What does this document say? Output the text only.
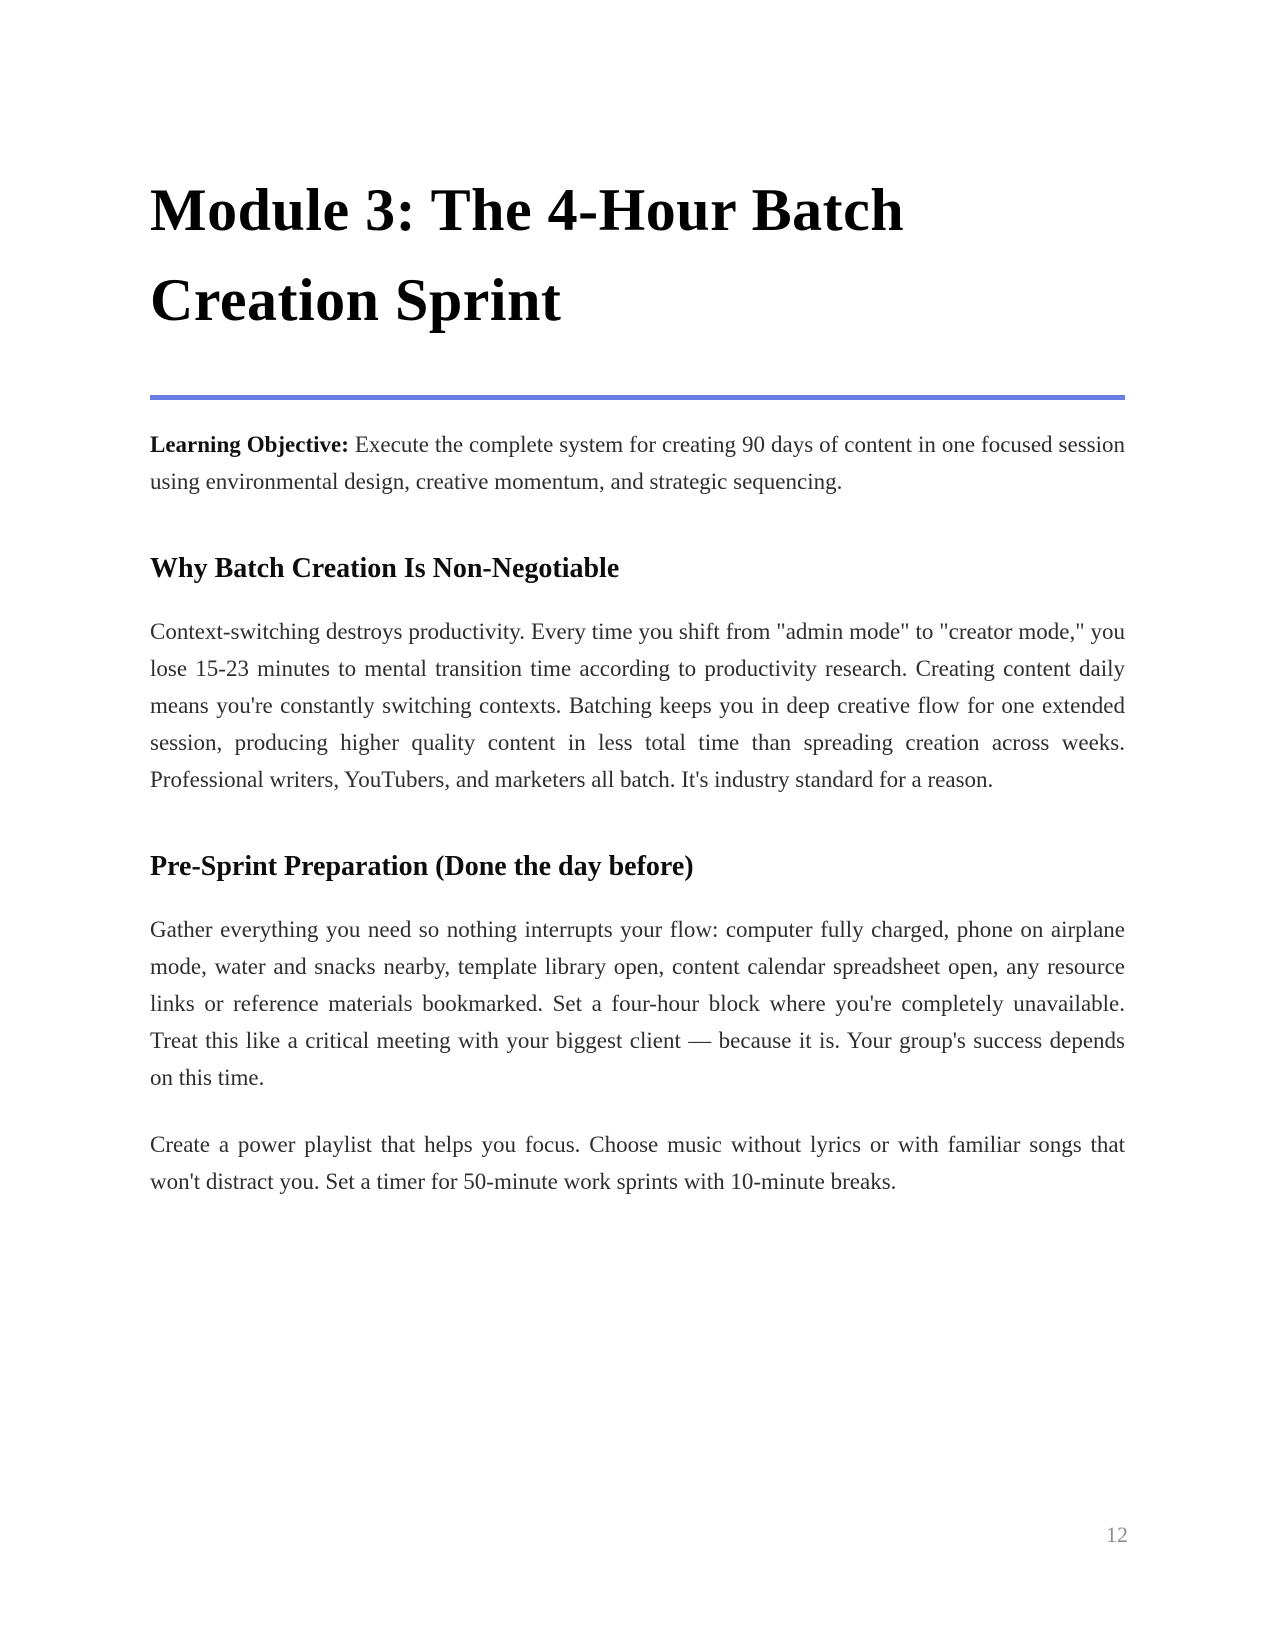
Module 3: The 4-Hour Batch Creation Sprint

Learning Objective: Execute the complete system for creating 90 days of content in one focused session using environmental design, creative momentum, and strategic sequencing.

Why Batch Creation Is Non-Negotiable

Context-switching destroys productivity. Every time you shift from "admin mode" to "creator mode," you lose 15-23 minutes to mental transition time according to productivity research. Creating content daily means you're constantly switching contexts. Batching keeps you in deep creative flow for one extended session, producing higher quality content in less total time than spreading creation across weeks. Professional writers, YouTubers, and marketers all batch. It's industry standard for a reason.

Pre-Sprint Preparation (Done the day before)

Gather everything you need so nothing interrupts your flow: computer fully charged, phone on airplane mode, water and snacks nearby, template library open, content calendar spreadsheet open, any resource links or reference materials bookmarked. Set a four-hour block where you're completely unavailable. Treat this like a critical meeting with your biggest client — because it is. Your group's success depends on this time.

Create a power playlist that helps you focus. Choose music without lyrics or with familiar songs that won't distract you. Set a timer for 50-minute work sprints with 10-minute breaks.

12
